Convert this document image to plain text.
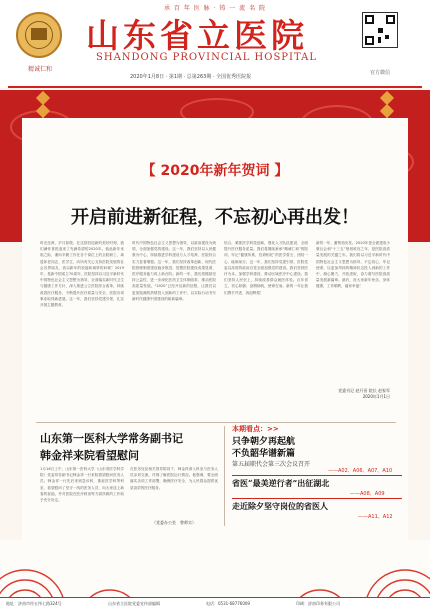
承 百 年 医 脉 · 铸 一 流 名 院
精诚仁和
山东省立医院
SHANDONG PROVINCIAL HOSPITAL
2020年1月8日 · 第1期 · 总第263期 · 全国优秀医院报
官方微信
【 2020年新年贺词 】
开启前进新征程，不忘初心再出发！
时光荏苒，岁月如梭，在这辞旧迎新的美好时刻，我们满怀喜悦迎来了充满希望的2020年。值此新年来临之际，谨向辛勤工作在各个岗位上的全院职工、离退休老同志、医学生，向所有关心支持医院发展的社会各界朋友，致以新年的祝福和诚挚的问候！2019年，是新中国成立70周年，医院坚持以习近平新时代中国特色社会主义思想为指导，全面落实新时代卫生与健康工作方针，深入推进公立医院综合改革，持续改善医疗服务，不断提升医疗质量与安全，医院各项事业取得新进展。这一年，我们坚持党建引领，扎实开展主题教育。
时代中国特色社会主义思想为指导，以政治建设为统领，全面加强党的建设。这一年，我们坚持以人民健康为中心，持续推进学科建设与人才培养，医院综合实力显著增强。这一年，我们坚持改革创新，现代医院管理制度建设稳步推进，智慧医院建设成果显著，医疗服务能力再上新台阶。新的一年，我们将继续坚持公益性，进一步深化医药卫生体制改革，推动医院高质量发展。“2020”已经开启新的征程，让我们以更加饱满的热情投入到新的工作中，以实际行动书写新时代健康中国建设的崭新篇章。
结合，紧抓医学科技创新，强化人才队伍建设，全面提升医疗服务质量。我们将继续秉承“精诚仁和”的院训，牢记“健康所系，性命相托”的医学誓言，团结一心、砥砺前行。这一年，我们坚持党建引领，医院党委以高度的政治自觉全面加强党的建设。我们坚持医疗为本，加强学科建设，推动区域医疗中心建设。我们坚持人民至上，持续改善群众就医体验。百年省立，初心如磐；奋楫扬帆，使命在肩。新的一年让我们携手并进、再创辉煌！
新的一年，蓄势再出发。2020年是全面建成小康社会和“十三五”规划收官之年，是医院高质量发展的关键之年。我们将以习近平新时代中国特色社会主义思想为指导，不忘初心，牢记使命，以更加昂扬的精神状态投入到新的工作中，凝心聚力，开拓进取，奋力谱写医院高质量发展新篇章。最后，祝大家新年快乐，身体健康，工作顺利，阖家幸福！
党委书记 赵升田 院长 赵家军
2020年1月1日
山东第一医科大学常务副书记
韩金祥来院看望慰问
1月16日上午，山东第一医科大学（山东省医学科学院）党委常务副书记韩金祥一行来院看望慰问医务人员。韩金祥一行先后来到急诊科、重症医学科等科室，看望慰问了坚守一线的医务人员，向大家送上新春的祝福，并对医院在医疗救治等方面所做的工作给予充分肯定。
在医务处及相关领导陪同下，韩金祥深入科室与医务人员亲切交流，详细了解医院运行情况。他强调，要全面落实各项工作部署，确保医疗安全，为人民群众提供优质高效的医疗服务。
（党委办公室　曾师实）
本期看点：>>
只争朝夕再起航
不负韶华谱新篇
第五届职代会第三次会议召开
——A02、A06、A07、A10
省医“最美逆行者”出征湖北
——A08、A09
走近除夕坚守岗位的省医人
——A11、A12
地址：济南市经五纬七路324号	山东省立医院党委宣传部编辑	电话：0531-68776009	印刷：济南印务有限公司
